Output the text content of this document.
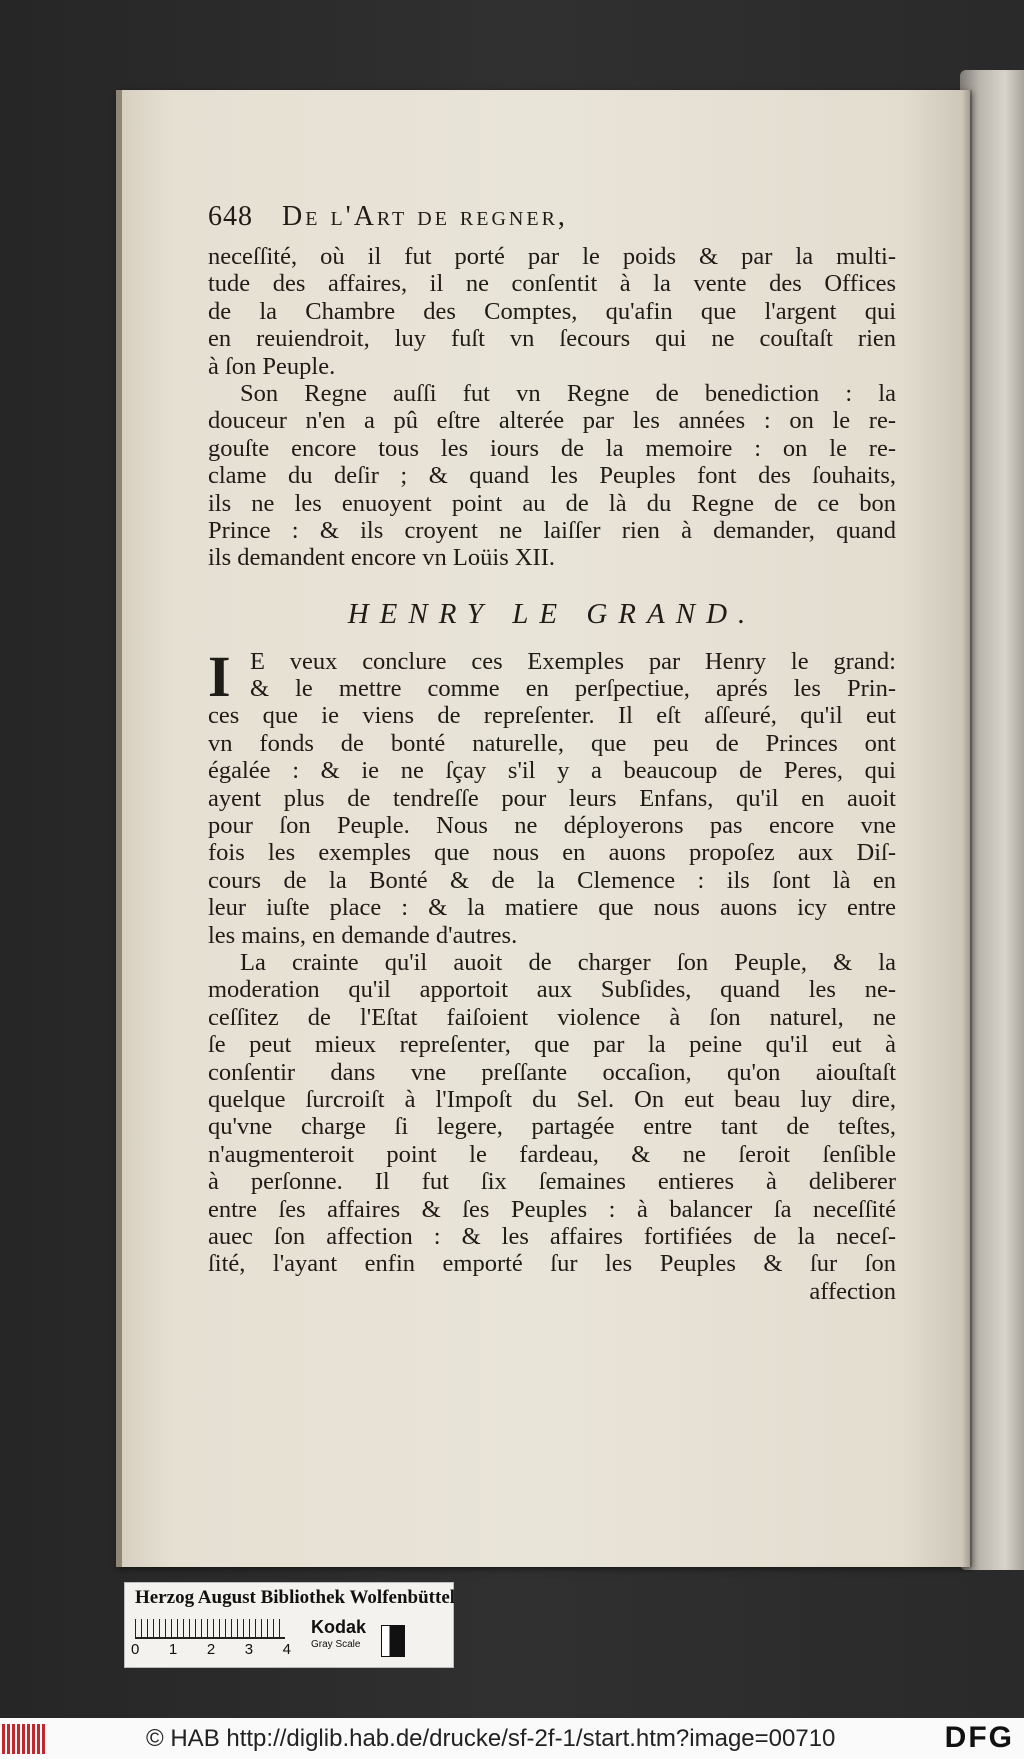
648	De l'Art de regner,
neceſſité, où il fut porté par le poids & par la multi-
tude des affaires, il ne conſentit à la vente des Offices
de la Chambre des Comptes, qu'afin que l'argent qui
en reuiendroit, luy fuſt vn ſecours qui ne couſtaſt rien
à ſon Peuple.
Son Regne auſſi fut vn Regne de benediction : la
douceur n'en a pû eſtre alterée par les années : on le re-
gouſte encore tous les iours de la memoire : on le re-
clame du deſir ; & quand les Peuples font des ſouhaits,
ils ne les enuoyent point au de là du Regne de ce bon
Prince : & ils croyent ne laiſſer rien à demander, quand
ils demandent encore vn Loüis XII.
HENRY LE GRAND.
I E veux conclure ces Exemples par Henry le grand:
& le mettre comme en perſpectiue, aprés les Prin-
ces que ie viens de repreſenter. Il eſt aſſeuré, qu'il eut
vn fonds de bonté naturelle, que peu de Princes ont
égalée : & ie ne ſçay s'il y a beaucoup de Peres, qui
ayent plus de tendreſſe pour leurs Enfans, qu'il en auoit
pour ſon Peuple. Nous ne déployerons pas encore vne
fois les exemples que nous en auons propoſez aux Diſ-
cours de la Bonté & de la Clemence : ils ſont là en
leur iuſte place : & la matiere que nous auons icy entre
les mains, en demande d'autres.
La crainte qu'il auoit de charger ſon Peuple, & la
moderation qu'il apportoit aux Subſides, quand les ne-
ceſſitez de l'Eſtat faiſoient violence à ſon naturel, ne
ſe peut mieux repreſenter, que par la peine qu'il eut à
conſentir dans vne preſſante occaſion, qu'on aiouſtaſt
quelque ſurcroiſt à l'Impoſt du Sel. On eut beau luy dire,
qu'vne charge ſi legere, partagée entre tant de teſtes,
n'augmenteroit point le fardeau, & ne ſeroit ſenſible
à perſonne. Il fut ſix ſemaines entieres à deliberer
entre ſes affaires & ſes Peuples : à balancer ſa neceſſité
auec ſon affection : & les affaires fortifiées de la neceſ-
ſité, l'ayant enfin emporté ſur les Peuples & ſur ſon
affection
Herzog August Bibliothek Wolfenbüttel
0 1 2 3 4
Kodak
Gray Scale
© HAB http://diglib.hab.de/drucke/sf-2f-1/start.htm?image=00710	DFG
